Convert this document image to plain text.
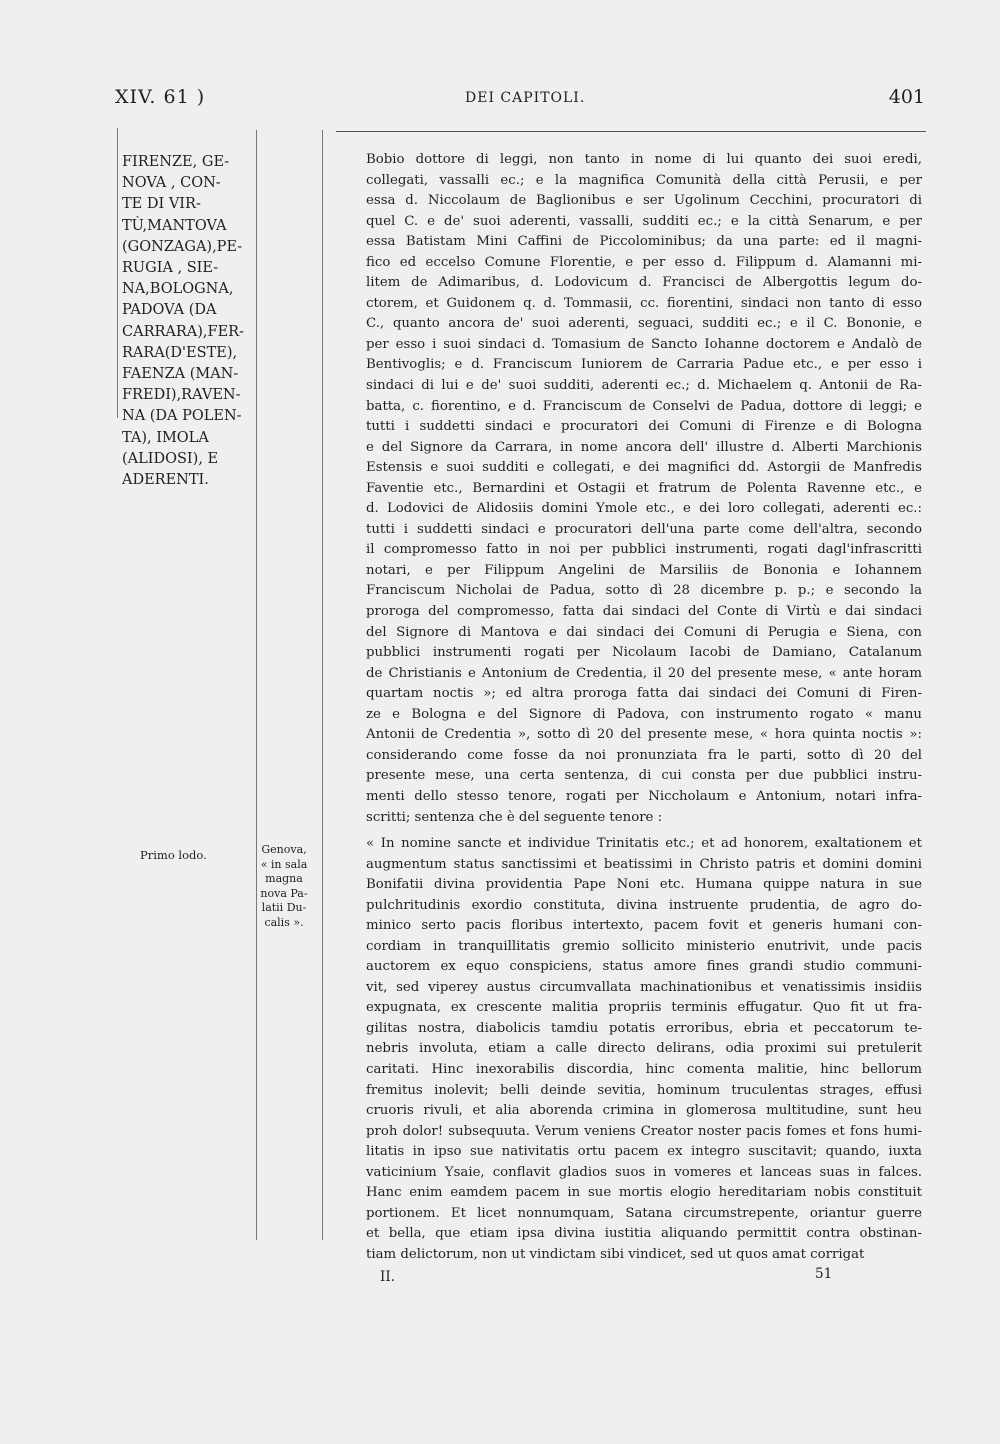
XIV. 61 )	DEI CAPITOLI.	401
FIRENZE, GE-
NOVA , CON-
TE DI VIR-
TÙ,MANTOVA
(GONZAGA),PE-
RUGIA , SIE-
NA,BOLOGNA,
PADOVA (DA
CARRARA),FER-
RARA(D'ESTE),
FAENZA (MAN-
FREDI),RAVEN-
NA (DA POLEN-
TA), IMOLA
(ALIDOSI), E
ADERENTI.
Bobio dottore di leggi, non tanto in nome di lui quanto dei suoi eredi,
collegati, vassalli ec.; e la magnifica Comunità della città Perusii, e per
essa d. Niccolaum de Baglionibus e ser Ugolinum Cecchini, procuratori di
quel C. e de' suoi aderenti, vassalli, sudditi ec.; e la città Senarum, e per
essa Batistam Mini Caffini de Piccolominibus; da una parte: ed il magni-
fico ed eccelso Comune Florentie, e per esso d. Filippum d. Alamanni mi-
litem de Adimaribus, d. Lodovicum d. Francisci de Albergottis legum do-
ctorem, et Guidonem q. d. Tommasii, cc. fiorentini, sindaci non tanto di esso
C., quanto ancora de' suoi aderenti, seguaci, sudditi ec.; e il C. Bononie, e
per esso i suoi sindaci d. Tomasium de Sancto Iohanne doctorem e Andalò de
Bentivoglis; e d. Franciscum Iuniorem de Carraria Padue etc., e per esso i
sindaci di lui e de' suoi sudditi, aderenti ec.; d. Michaelem q. Antonii de Ra-
batta, c. fiorentino, e d. Franciscum de Conselvi de Padua, dottore di leggi; e
tutti i suddetti sindaci e procuratori dei Comuni di Firenze e di Bologna
e del Signore da Carrara, in nome ancora dell' illustre d. Alberti Marchionis
Estensis e suoi sudditi e collegati, e dei magnifici dd. Astorgii de Manfredis
Faventie etc., Bernardini et Ostagii et fratrum de Polenta Ravenne etc., e
d. Lodovici de Alidosiis domini Ymole etc., e dei loro collegati, aderenti ec.:
tutti i suddetti sindaci e procuratori dell'una parte come dell'altra, secondo
il compromesso fatto in noi per pubblici instrumenti, rogati dagl'infrascritti
notari, e per Filippum Angelini de Marsiliis de Bononia e Iohannem
Franciscum Nicholai de Padua, sotto dì 28 dicembre p. p.; e secondo la
proroga del compromesso, fatta dai sindaci del Conte di Virtù e dai sindaci
del Signore di Mantova e dai sindaci dei Comuni di Perugia e Siena, con
pubblici instrumenti rogati per Nicolaum Iacobi de Damiano, Catalanum
de Christianis e Antonium de Credentia, il 20 del presente mese, « ante horam
quartam noctis »; ed altra proroga fatta dai sindaci dei Comuni di Firen-
ze e Bologna e del Signore di Padova, con instrumento rogato « manu
Antonii de Credentia », sotto dì 20 del presente mese, « hora quinta noctis »:
considerando come fosse da noi pronunziata fra le parti, sotto dì 20 del
presente mese, una certa sentenza, di cui consta per due pubblici instru-
menti dello stesso tenore, rogati per Niccholaum e Antonium, notari infra-
scritti; sentenza che è del seguente tenore :
Primo lodo.	Genova,
« in sala
magna
nova Pa-
latii Du-
calis ».
« In nomine sancte et individue Trinitatis etc.; et ad honorem, exaltationem et
augmentum status sanctissimi et beatissimi in Christo patris et domini domini
Bonifatii divina providentia Pape Noni etc. Humana quippe natura in sue
pulchritudinis exordio constituta, divina instruente prudentia, de agro do-
minico serto pacis floribus intertexto, pacem fovit et generis humani con-
cordiam in tranquillitatis gremio sollicito ministerio enutrivit, unde pacis
auctorem ex equo conspiciens, status amore fines grandi studio communi-
vit, sed viperey austus circumvallata machinationibus et venatissimis insidiis
expugnata, ex crescente malitia propriis terminis effugatur. Quo fit ut fra-
gilitas nostra, diabolicis tamdiu potatis erroribus, ebria et peccatorum te-
nebris involuta, etiam a calle directo delirans, odia proximi sui pretulerit
caritati. Hinc inexorabilis discordia, hinc comenta malitie, hinc bellorum
fremitus inolevit; belli deinde sevitia, hominum truculentas strages, effusi
cruoris rivuli, et alia aborenda crimina in glomerosa multitudine, sunt heu
proh dolor! subsequuta. Verum veniens Creator noster pacis fomes et fons humi-
litatis in ipso sue nativitatis ortu pacem ex integro suscitavit; quando, iuxta
vaticinium Ysaie, conflavit gladios suos in vomeres et lanceas suas in falces.
Hanc enim eamdem pacem in sue mortis elogio hereditariam nobis constituit
portionem. Et licet nonnumquam, Satana circumstrepente, oriantur guerre
et bella, que etiam ipsa divina iustitia aliquando permittit contra obstinan-
tiam delictorum, non ut vindictam sibi vindicet, sed ut quos amat corrigat
II.	51
